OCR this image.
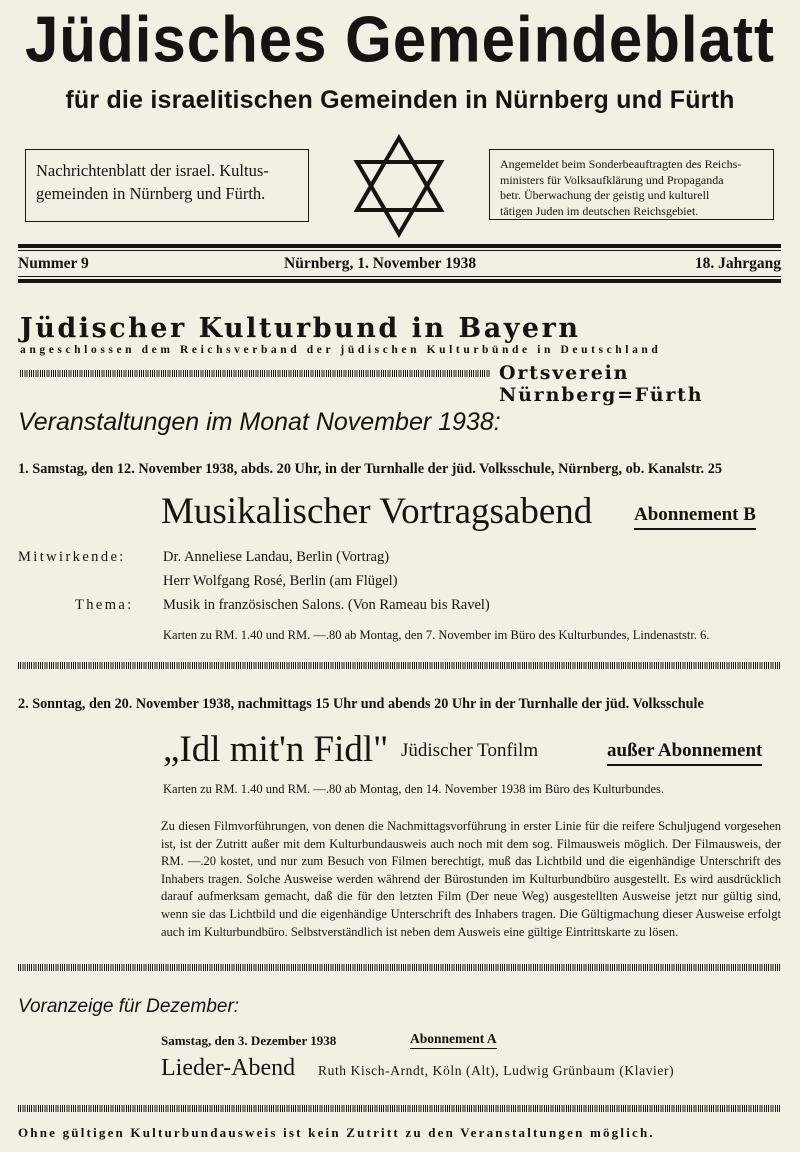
Jüdisches Gemeindeblatt
für die israelitischen Gemeinden in Nürnberg und Fürth
Nachrichtenblatt der israel. Kultus-
gemeinden in Nürnberg und Fürth.
Angemeldet beim Sonderbeauftragten des Reichs-
ministers für Volksaufklärung und Propaganda
betr. Überwachung der geistig und kulturell
tätigen Juden im deutschen Reichsgebiet.
Nummer 9	Nürnberg, 1. November 1938	18. Jahrgang
Jüdischer Kulturbund in Bayern
angeschlossen dem Reichsverband der jüdischen Kulturbünde in Deutschland
Ortsverein Nürnberg=Fürth
Veranstaltungen im Monat November 1938:
1. Samstag, den 12. November 1938, abds. 20 Uhr, in der Turnhalle der jüd. Volksschule, Nürnberg, ob. Kanalstr. 25
Musikalischer Vortragsabend Abonnement B
Mitwirkende:	Dr. Anneliese Landau, Berlin (Vortrag)
Herr Wolfgang Rosé, Berlin (am Flügel)
Thema: Musik in französischen Salons. (Von Rameau bis Ravel)
Karten zu RM. 1.40 und RM. —.80 ab Montag, den 7. November im Büro des Kulturbundes, Lindenaststr. 6.
2. Sonntag, den 20. November 1938, nachmittags 15 Uhr und abends 20 Uhr in der Turnhalle der jüd. Volksschule
„Idl mit'n Fidl" Jüdischer Tonfilm	außer Abonnement
Karten zu RM. 1.40 und RM. —.80 ab Montag, den 14. November 1938 im Büro des Kulturbundes.

Zu diesen Filmvorführungen, von denen die Nachmittagsvorführung in erster Linie für die reifere Schuljugend vorgesehen ist, ist der Zutritt außer mit dem Kulturbundausweis auch noch mit dem sog. Filmausweis möglich. Der Filmausweis, der RM. —.20 kostet, und nur zum Besuch von Filmen berechtigt, muß das Lichtbild und die eigenhändige Unterschrift des Inhabers tragen. Solche Ausweise werden während der Bürostunden im Kulturbundbüro ausgestellt. Es wird ausdrücklich darauf aufmerksam gemacht, daß die für den letzten Film (Der neue Weg) ausgestellten Ausweise jetzt nur gültig sind, wenn sie das Lichtbild und die eigenhändige Unterschrift des Inhabers tragen. Die Gültigmachung dieser Ausweise erfolgt auch im Kulturbundbüro. Selbstverständlich ist neben dem Ausweis eine gültige Eintrittskarte zu lösen.

Voranzeige für Dezember:
Samstag, den 3. Dezember 1938	Abonnement A
Lieder-Abend Ruth Kisch-Arndt, Köln (Alt), Ludwig Grünbaum (Klavier)
Ohne gültigen Kulturbundausweis ist kein Zutritt zu den Veranstaltungen möglich.
